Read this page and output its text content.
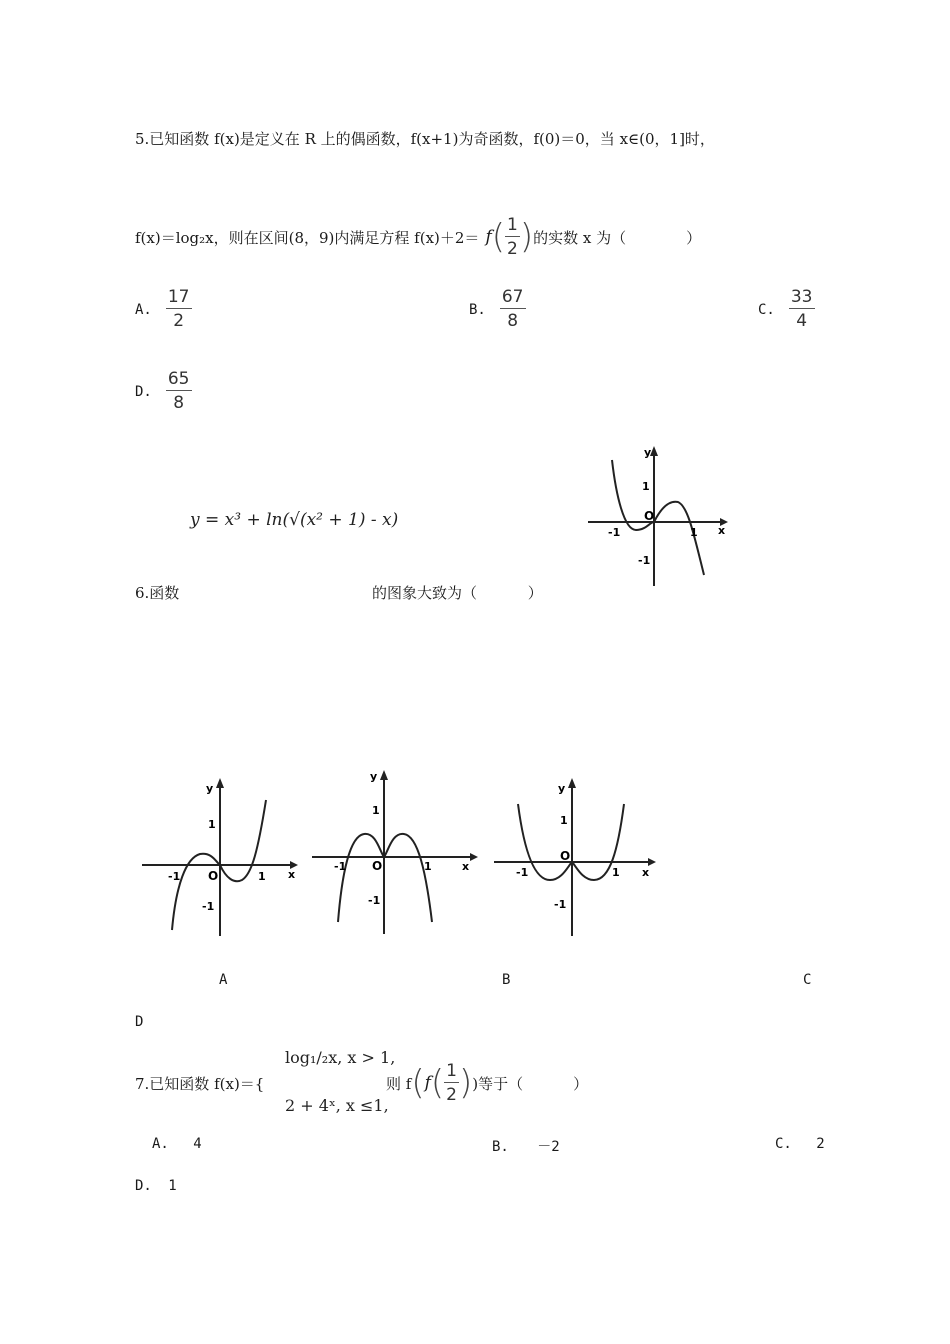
5.已知函数 f(x)是定义在 R 上的偶函数，f(x+1)为奇函数，f(0)＝0，当 x∈(0，1]时，
f(x)＝log₂x，则在区间(8，9)内满足方程 f(x)＋2＝ f ( $\frac{1}{2}$ ) 的实数 x 为（	）
A. $\frac{17}{2}$	B. $\frac{67}{8}$	C. $\frac{33}{4}$
D. $\frac{65}{8}$
y = x³ + ln(√(x² + 1) - x)
6.函数	的图象大致为（	）
x
y
1
-1
-1	1
O
x
y
1
-1
-1	1
O
x
y
1
-1
-1	1
O	x
y
1
-1
-1	1
O
A	B	C
D
7.已知函数 f(x)＝{
log₁/₂x, x > 1,
2 + 4ˣ, x ≤1,
则 f ( f ( $\frac{1}{2}$ ) )等于（	）
A. 4	B. －2	C. 2
D. 1
